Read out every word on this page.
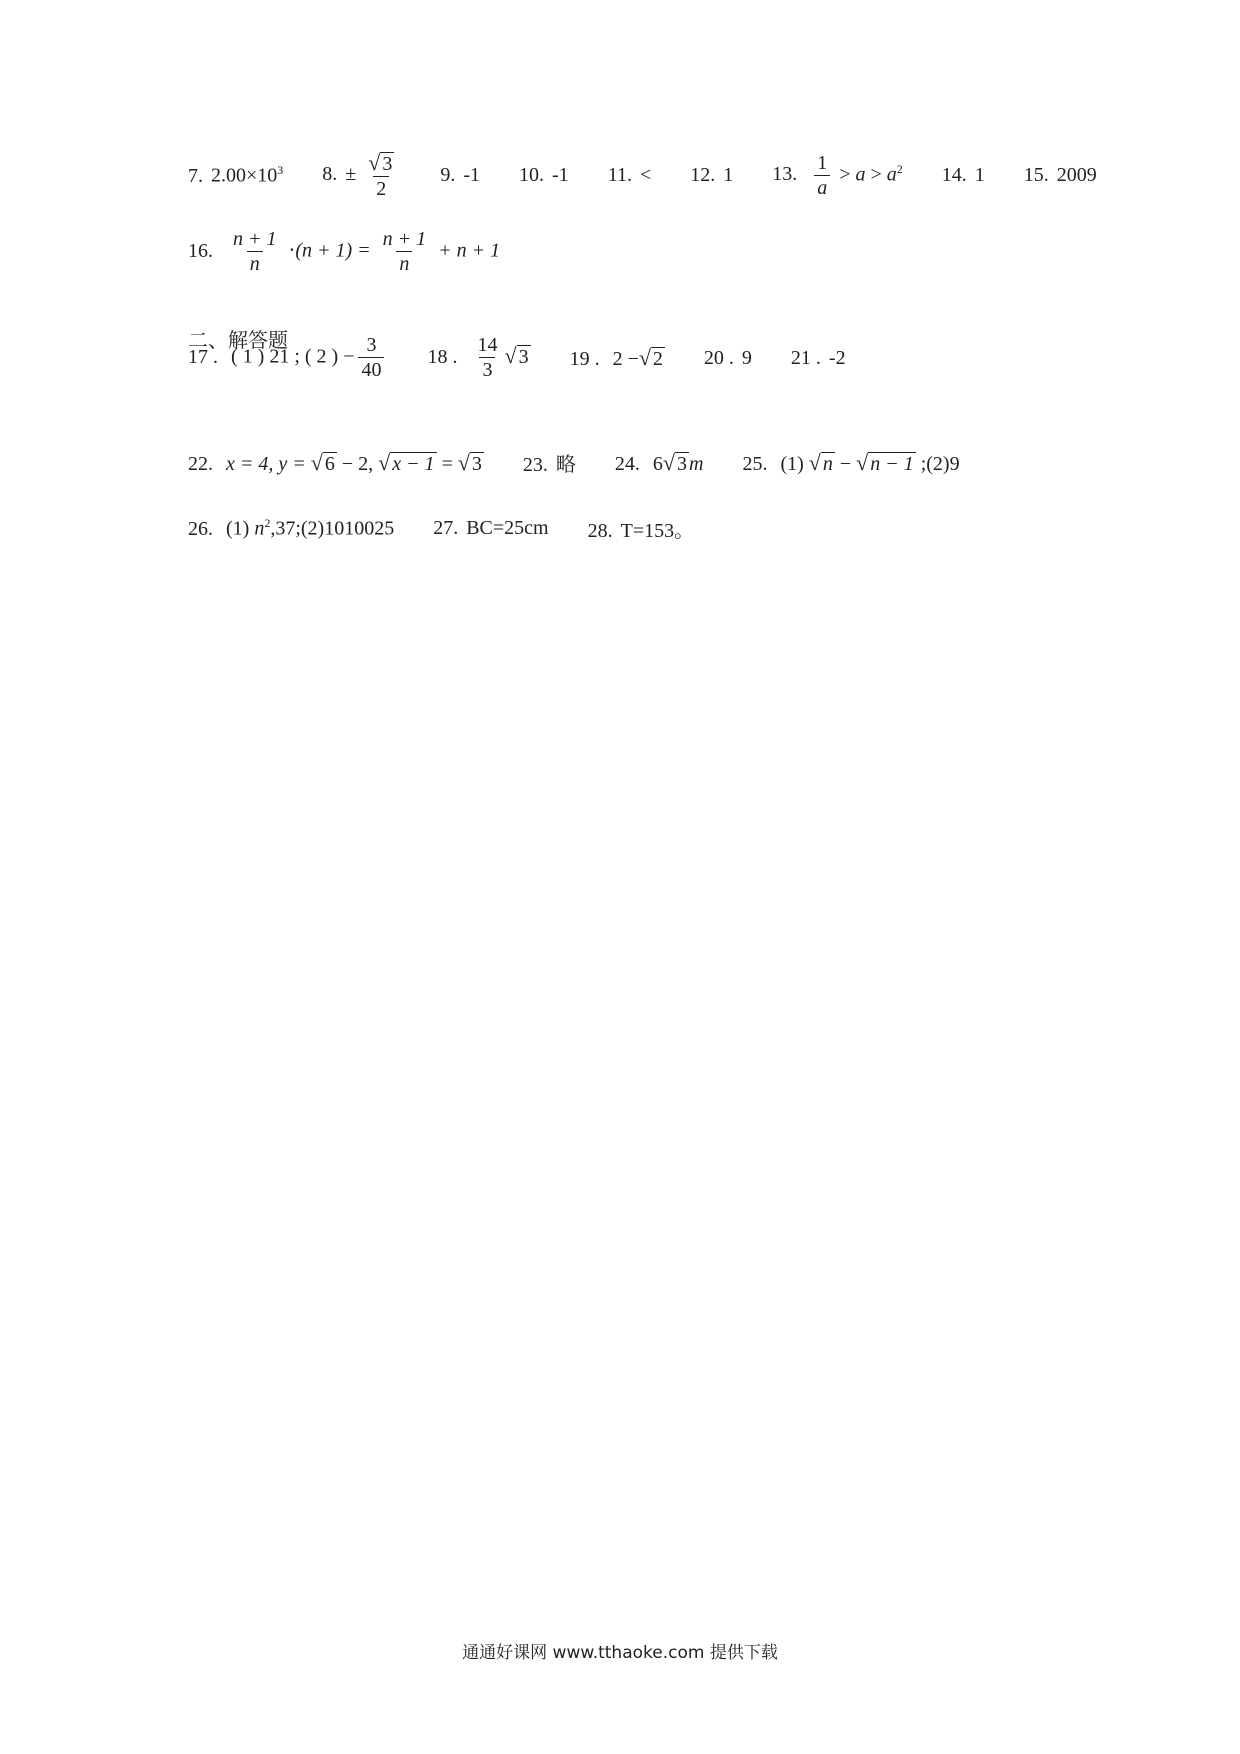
7. $2.00\times 10^3$ 8. ± $\frac{√ 3}{2} 9$. -1 10. -1 11. < 12. 1 13. $\frac{1}{a} > a > a^2$ 14. 1 15. 2009
16. $\frac{n + 1}{n} \cdot(n + 1) = \frac{n + 1}{n} + n + 1$
二、解答题
17 . ( 1 ) 21 ; ( 2 ) − $\frac{3}{40} 18$ . $\frac{14}{3}$ √ 3 19 . 2 −√ 2 20 . 9 21 . -2
22. x = 4, y = √ 6 − 2, √ x − 1 = √ 3 23. 略 24. 6√ 3 m 25. (1) √ n − √ n − 1 ;(2)9
26. (1) $n^2,37;(2)1010025$ 27. BC=25cm 28. T=153。
通通好课网 www.tthaoke.com 提供下载
